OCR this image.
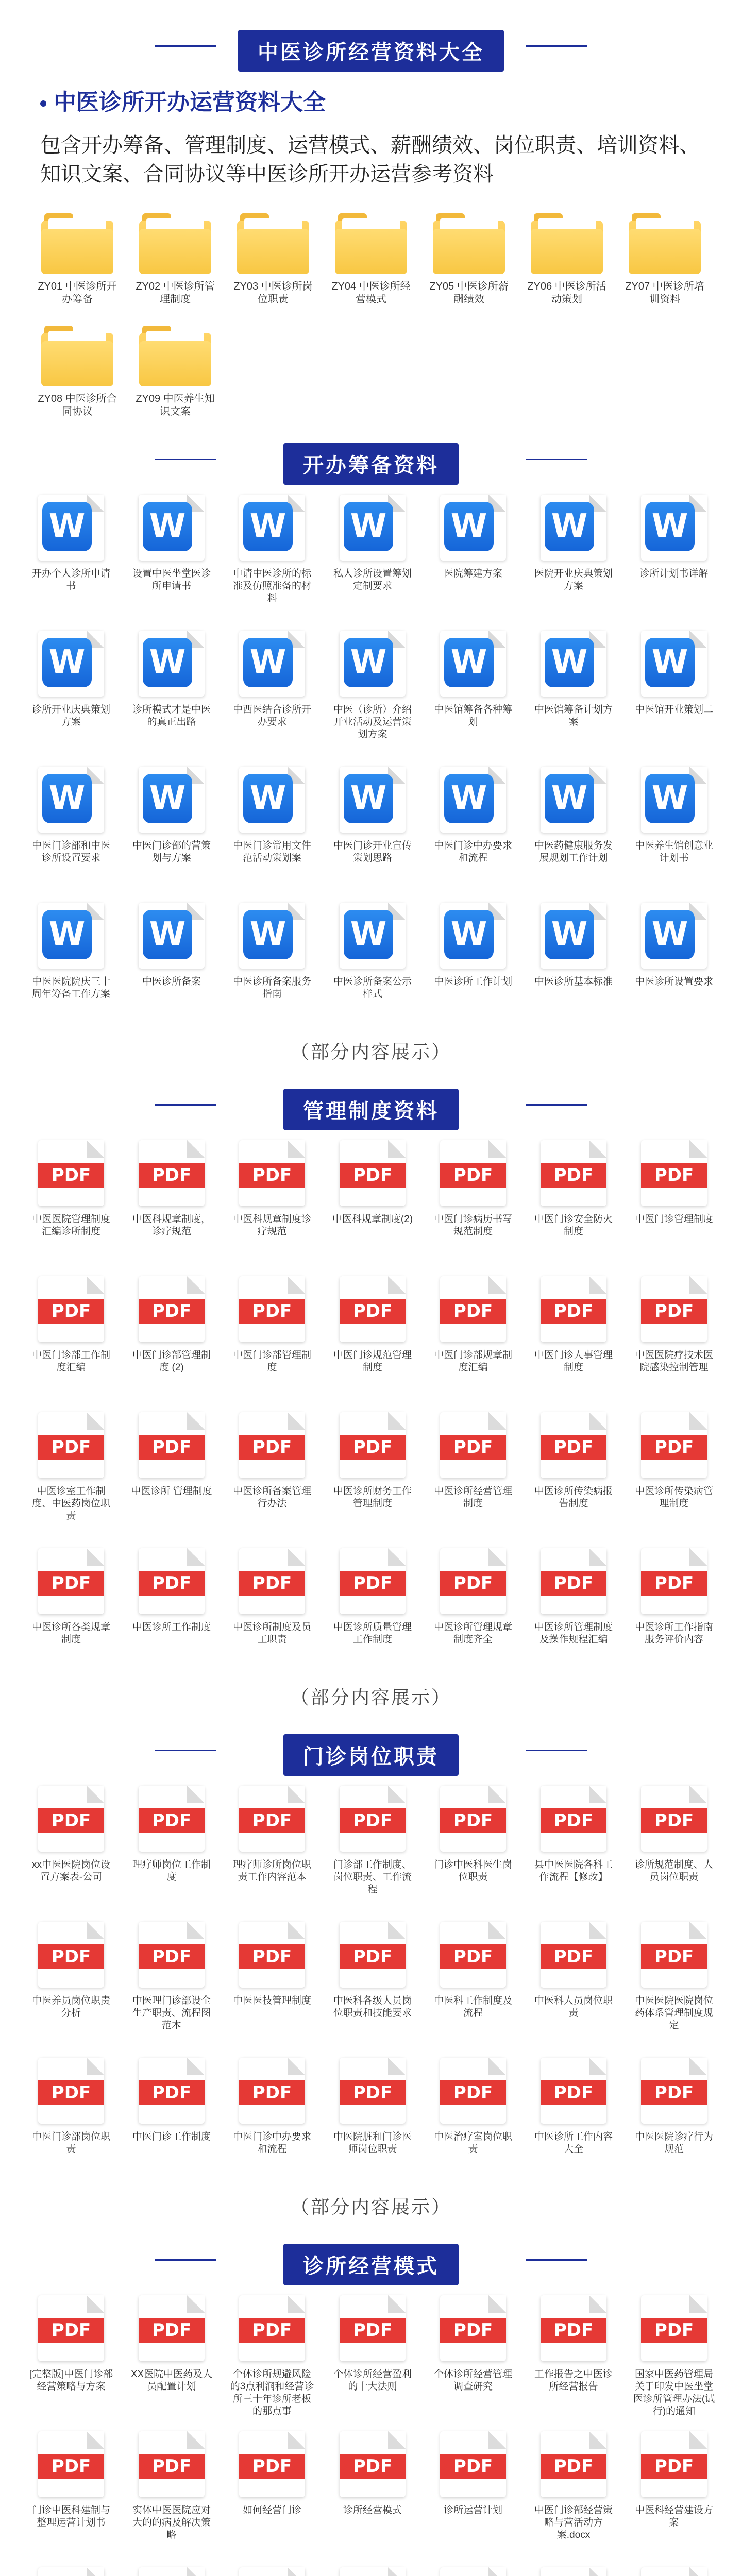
中医诊所经营资料大全
中医诊所开办运营资料大全

包含开办筹备、管理制度、运营模式、薪酬绩效、岗位职责、培训资料、知识文案、合同协议等中医诊所开办运营参考资料

ZY01 中医诊所开办筹备
ZY02 中医诊所管理制度
ZY03 中医诊所岗位职责
ZY04 中医诊所经营模式
ZY05 中医诊所薪酬绩效
ZY06 中医诊所活动策划
ZY07 中医诊所培训资料
ZY08 中医诊所合同协议
ZY09 中医养生知识文案
开办筹备资料
W
开办个人诊所申请书
W
设置中医坐堂医诊所申请书
W
申请中医诊所的标准及仿照准备的材料
W
私人诊所设置筹划定制要求
W
医院筹建方案
W
医院开业庆典策划方案
W
诊所计划书详解
W
诊所开业庆典策划方案
W
诊所模式才是中医的真正出路
W
中西医结合诊所开办要求
W
中医（诊所）介绍开业活动及运营策划方案
W
中医馆筹备各种筹划
W
中医馆筹备计划方案
W
中医馆开业策划二
W
中医门诊部和中医诊所设置要求
W
中医门诊部的营策划与方案
W
中医门诊常用文件范活动策划案
W
中医门诊开业宣传策划思路
W
中医门诊中办要求和流程
W
中医药健康服务发展规划工作计划
W
中医养生馆创意业计划书
W
中医医院院庆三十周年筹备工作方案
W
中医诊所备案
W
中医诊所备案服务指南
W
中医诊所备案公示样式
W
中医诊所工作计划
W
中医诊所基本标准
W
中医诊所设置要求
（部分内容展示）
管理制度资料
PDF
中医医院管理制度汇编诊所制度
PDF
中医科规章制度，诊疗规范
PDF
中医科规章制度诊疗规范
PDF
中医科规章制度(2)
PDF
中医门诊病历书写规范制度
PDF
中医门诊安全防火制度
PDF
中医门诊管理制度
PDF
中医门诊部工作制度汇编
PDF
中医门诊部管理制度 (2)
PDF
中医门诊部管理制度
PDF
中医门诊规范管理制度
PDF
中医门诊部规章制度汇编
PDF
中医门诊人事管理制度
PDF
中医医院疗技术医院感染控制管理
PDF
中医诊室工作制度、中医药岗位职责
PDF
中医诊所 管理制度
PDF
中医诊所备案管理行办法
PDF
中医诊所财务工作管理制度
PDF
中医诊所经营管理制度
PDF
中医诊所传染病报告制度
PDF
中医诊所传染病管理制度
PDF
中医诊所各类规章制度
PDF
中医诊所工作制度
PDF
中医诊所制度及员工职责
PDF
中医诊所质量管理工作制度
PDF
中医诊所管理规章制度齐全
PDF
中医诊所管理制度及操作规程汇编
PDF
中医诊所工作指南服务评价内容
（部分内容展示）
门诊岗位职责
PDF
xx中医医院岗位设置方案表-公司
PDF
理疗师岗位工作制度
PDF
理疗师诊所岗位职责工作内容范本
PDF
门诊部工作制度、岗位职责、工作流程
PDF
门诊中医科医生岗位职责
PDF
县中医医院各科工作流程【修改】
PDF
诊所规范制度、人员岗位职责
PDF
中医养员岗位职责分析
PDF
中医理门诊部设全生产职责、流程图范本
PDF
中医医技管理制度
PDF
中医科各级人员岗位职责和技能要求
PDF
中医科工作制度及流程
PDF
中医科人员岗位职责
PDF
中医医院医院岗位药体系管理制度规定
PDF
中医门诊部岗位职责
PDF
中医门诊工作制度
PDF
中医门诊中办要求和流程
PDF
中医院脏和门诊医师岗位职责
PDF
中医治疗室岗位职责
PDF
中医诊所工作内容大全
PDF
中医医院诊疗行为规范
（部分内容展示）
诊所经营模式
PDF
[完整版]中医门诊部经营策略与方案
PDF
XX医院中医药及人员配置计划
PDF
个体诊所规避风险的3点利润和经营诊所三十年诊所老板的那点事
PDF
个体诊所经营盈利的十大法则
PDF
个体诊所经营管理调查研究
PDF
工作报告之中医诊所经营报告
PDF
国家中医药管理局关于印发中医坐堂医诊所管理办法(试行)的通知
PDF
门诊中医科建制与整理运营计划书
PDF
实体中医医院应对大的的病及解决策略
PDF
如何经营门诊
PDF
诊所经营模式
PDF
诊所运营计划
PDF
中医门诊部经营策略与营活动方案.docx
PDF
中医科经营建设方案
